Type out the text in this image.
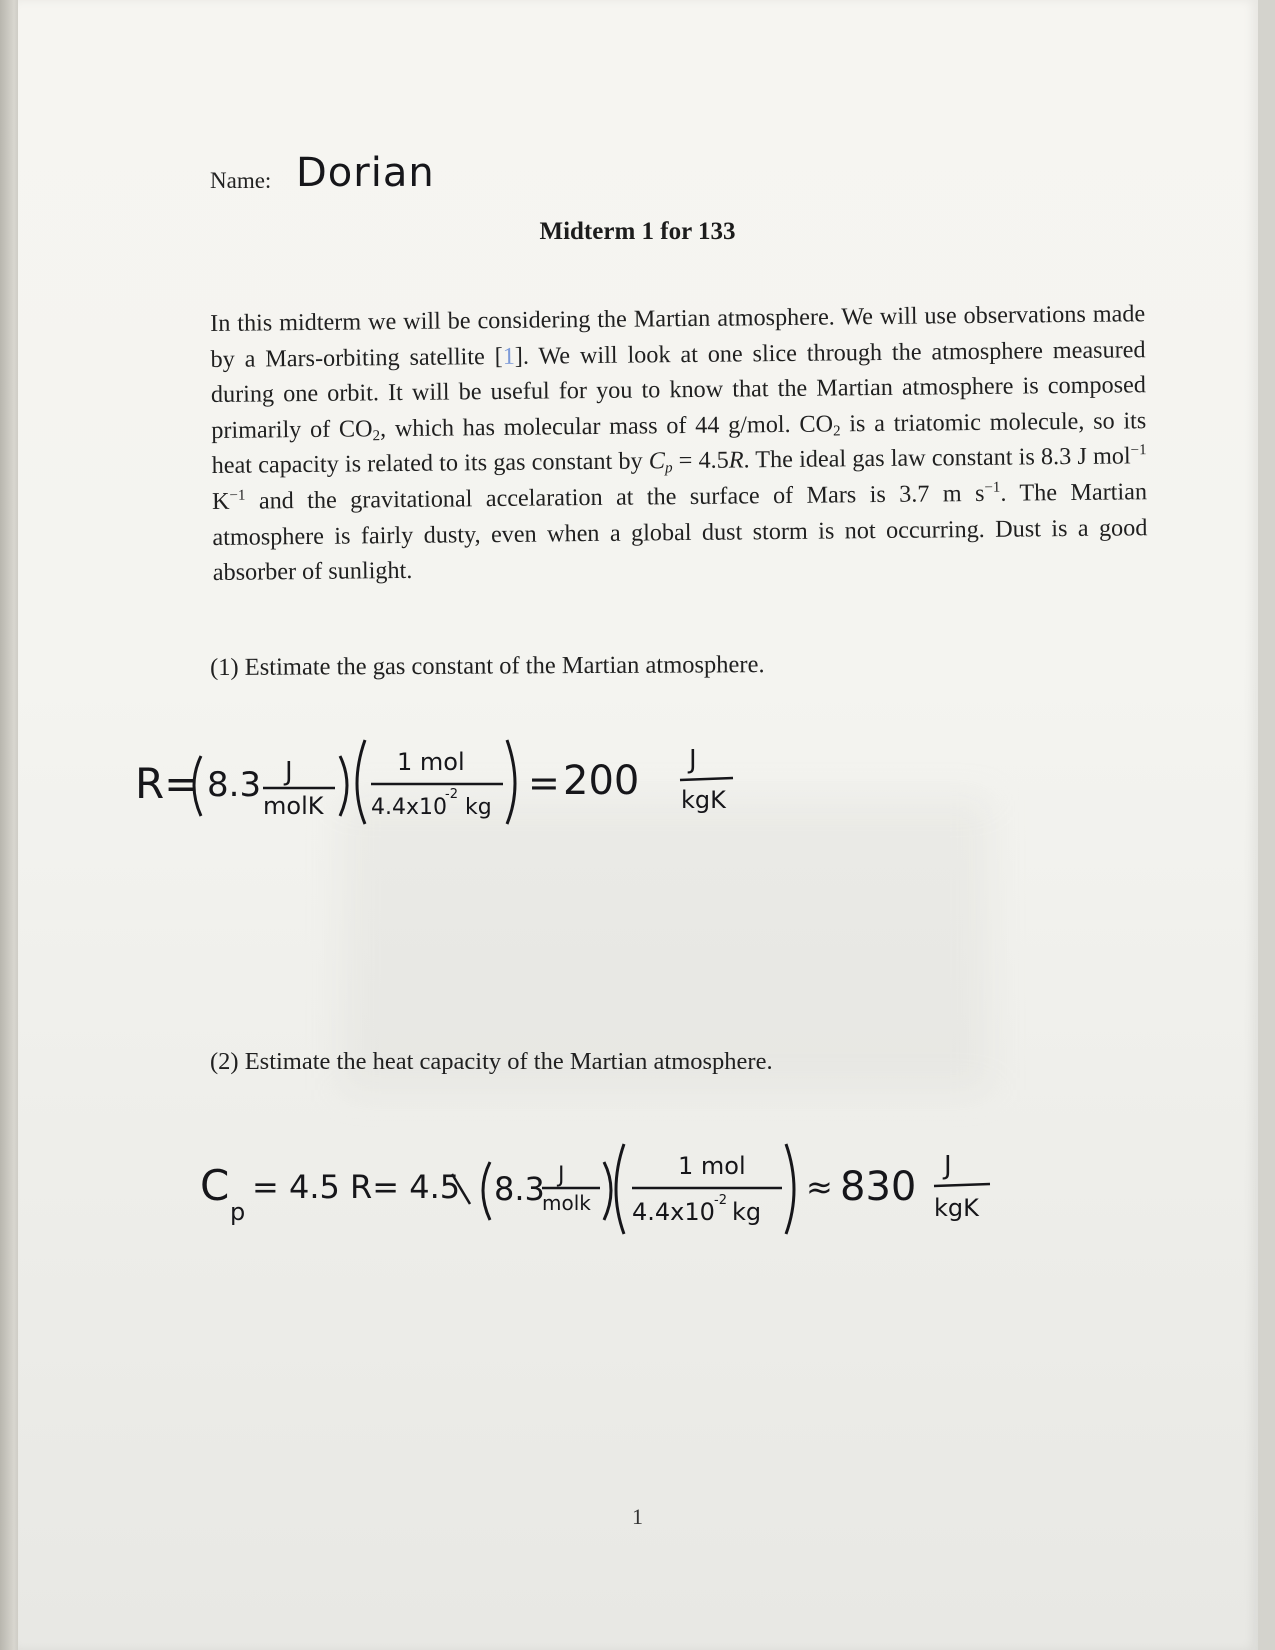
Name: Dorian
Midterm 1 for 133
In this midterm we will be considering the Martian atmosphere. We will use observations made by a Mars-orbiting satellite [1]. We will look at one slice through the atmosphere measured during one orbit. It will be useful for you to know that the Martian atmosphere is composed primarily of $CO_2$, which has molecular mass of 44 g/mol. $CO_2$ is a triatomic molecule, so its heat capacity is related to its gas constant by $C_p = 4.5R$. The ideal gas law constant is 8.3 J mol$^{-1}$ $K^{-1}$ and the gravitational accelaration at the surface of Mars is 3.7 m $s^{-1}$. The Martian atmosphere is fairly dusty, even when a global dust storm is not occurring. Dust is a good absorber of sunlight.
(1) Estimate the gas constant of the Martian atmosphere.
R= 8.3 J
molK
1 mol
4.4x10
-2
kg
= 200 J
kgK
(2) Estimate the heat capacity of the Martian atmosphere.
C
p
= 4.5 R= 4.5 8.3 J
molk
1 mol
4.4x10 -2 kg
≈ 830 J
kgK
1
